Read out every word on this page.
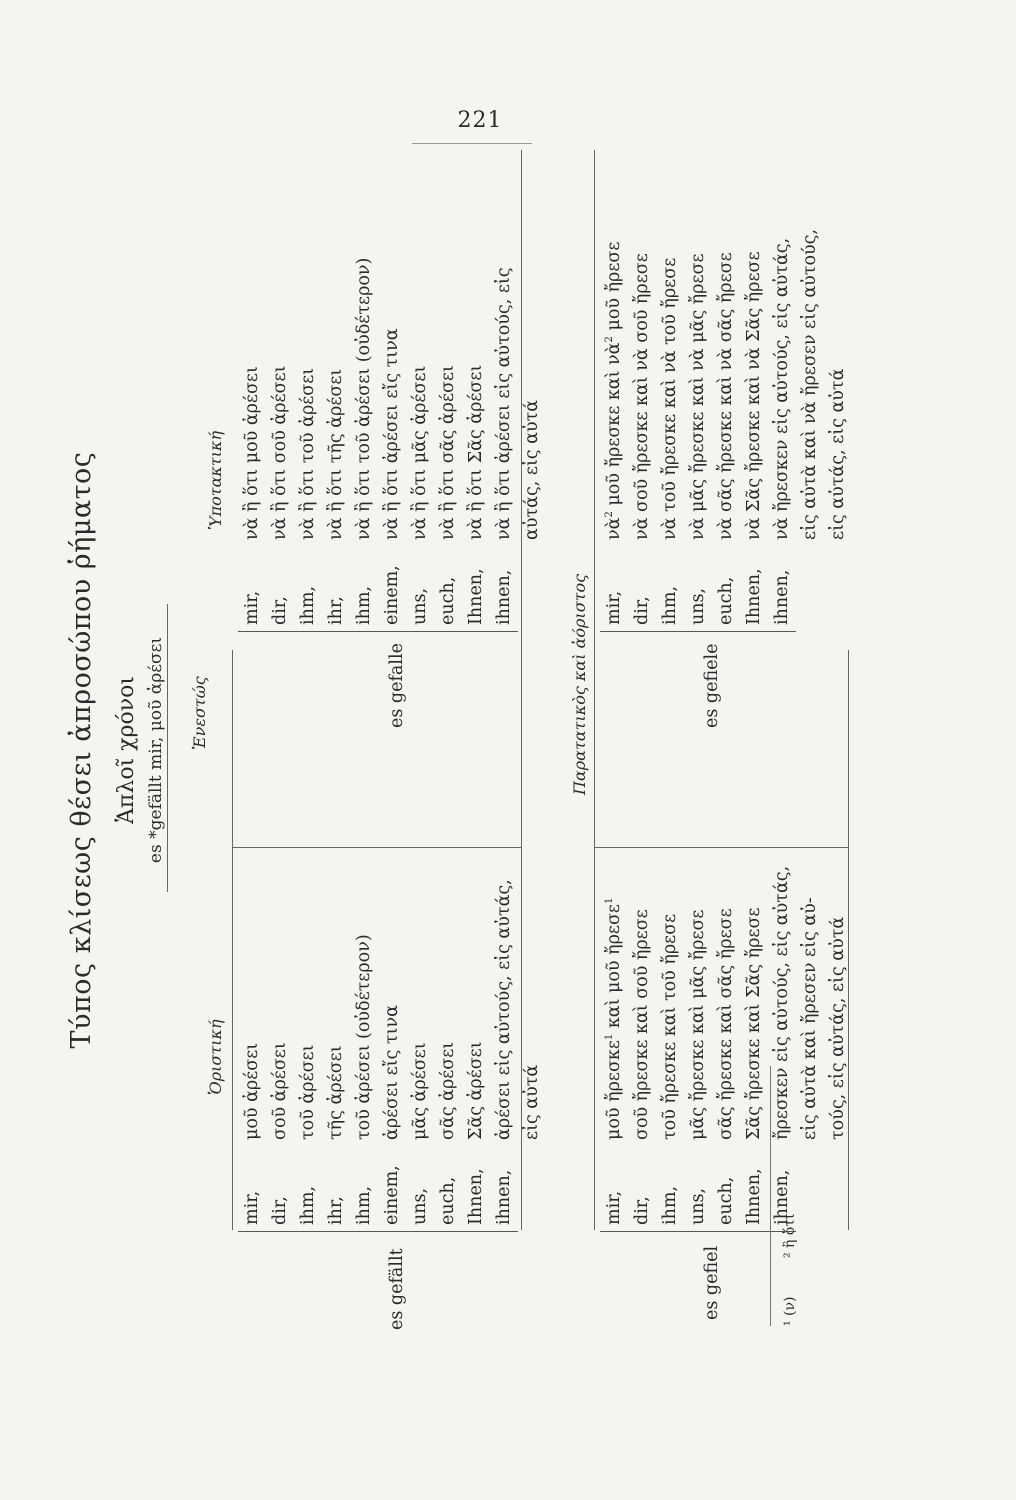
221
Τύπος κλίσεως θέσει ἀπροσώπου ῥήματος Ἁπλοῖ χρόνοι es *gefällt mir, μοῦ ἀρέσει
Ὁριστική
Ἐνεστώς
Ὑποτακτική
es gefällt
mir, dir, ihm, ihr, ihm, einem, uns, euch, Ihnen, ihnen,
μοῦ ἀρέσει σοῦ ἀρέσει τοῦ ἀρέσει τῆς ἀρέσει τοῦ ἀρέσει (οὐδέτερον) ἀρέσει εἴς τινα μᾶς ἀρέσει σᾶς ἀρέσει Σᾶς ἀρέσει ἀρέσει εἰς αὐτούς, εἰς αὐτάς, εἰς αὐτά
es gefalle
mir, dir, ihm, ihr, ihm, einem, uns, euch, Ihnen, ihnen,
νὰ ἢ ὅτι μοῦ ἀρέσει νὰ ἢ ὅτι σοῦ ἀρέσει νὰ ἢ ὅτι τοῦ ἀρέσει νὰ ἢ ὅτι τῆς ἀρέσει νὰ ἢ ὅτι τοῦ ἀρέσει (οὐδέτερον) νὰ ἢ ὅτι ἀρέσει εἴς τινα νὰ ἢ ὅτι μᾶς ἀρέσει νὰ ἢ ὅτι σᾶς ἀρέσει νὰ ἢ ὅτι Σᾶς ἀρέσει νὰ ἢ ὅτι ἀρέσει εἰς αὐτούς, εἰς αὐτάς, εἰς αὐτά
Παρατατικὸς καὶ ἀόριστος
es gefiel
mir, dir, ihm, uns, euch, Ihnen, ihnen,
μοῦ ἤρεσκε$^1$ καὶ μοῦ ἤρεσε$^1$
σοῦ ἤρεσκε καὶ σοῦ ἤρεσε τοῦ ἤρεσκε καὶ τοῦ ἤρεσε μᾶς ἤρεσκε καὶ μᾶς ἤρεσε σᾶς ἤρεσκε καὶ σᾶς ἤρεσε Σᾶς ἤρεσκε καὶ Σᾶς ἤρεσε ἤρεσκεν εἰς αὐτούς, εἰς αὐτάς, εἰς αὐτὰ καὶ ἤρεσεν εἰς αὐ- τούς, εἰς αὐτάς, εἰς αὐτά
es gefiele
mir, dir, ihm, uns, euch, Ihnen, ihnen,
νὰ$^2$ μοῦ ἤρεσκε καὶ νὰ$^2$ μοῦ ἤρεσε νὰ σοῦ ἤρεσκε καὶ νὰ σοῦ ἤρεσε νὰ τοῦ ἤρεσκε καὶ νὰ τοῦ ἤρεσε νὰ μᾶς ἤρεσκε καὶ νὰ μᾶς ἤρεσε νὰ σᾶς ἤρεσκε καὶ νὰ σᾶς ἤρεσε νὰ Σᾶς ἤρεσκε καὶ νὰ Σᾶς ἤρεσε νὰ ἤρεσκεν εἰς αὐτούς, εἰς αὐτάς, εἰς αὐτὰ καὶ νὰ ἤρεσεν εἰς αὐτούς, εἰς αὐτάς, εἰς αὐτά
¹ (ν) ² ἢ ὅτι
